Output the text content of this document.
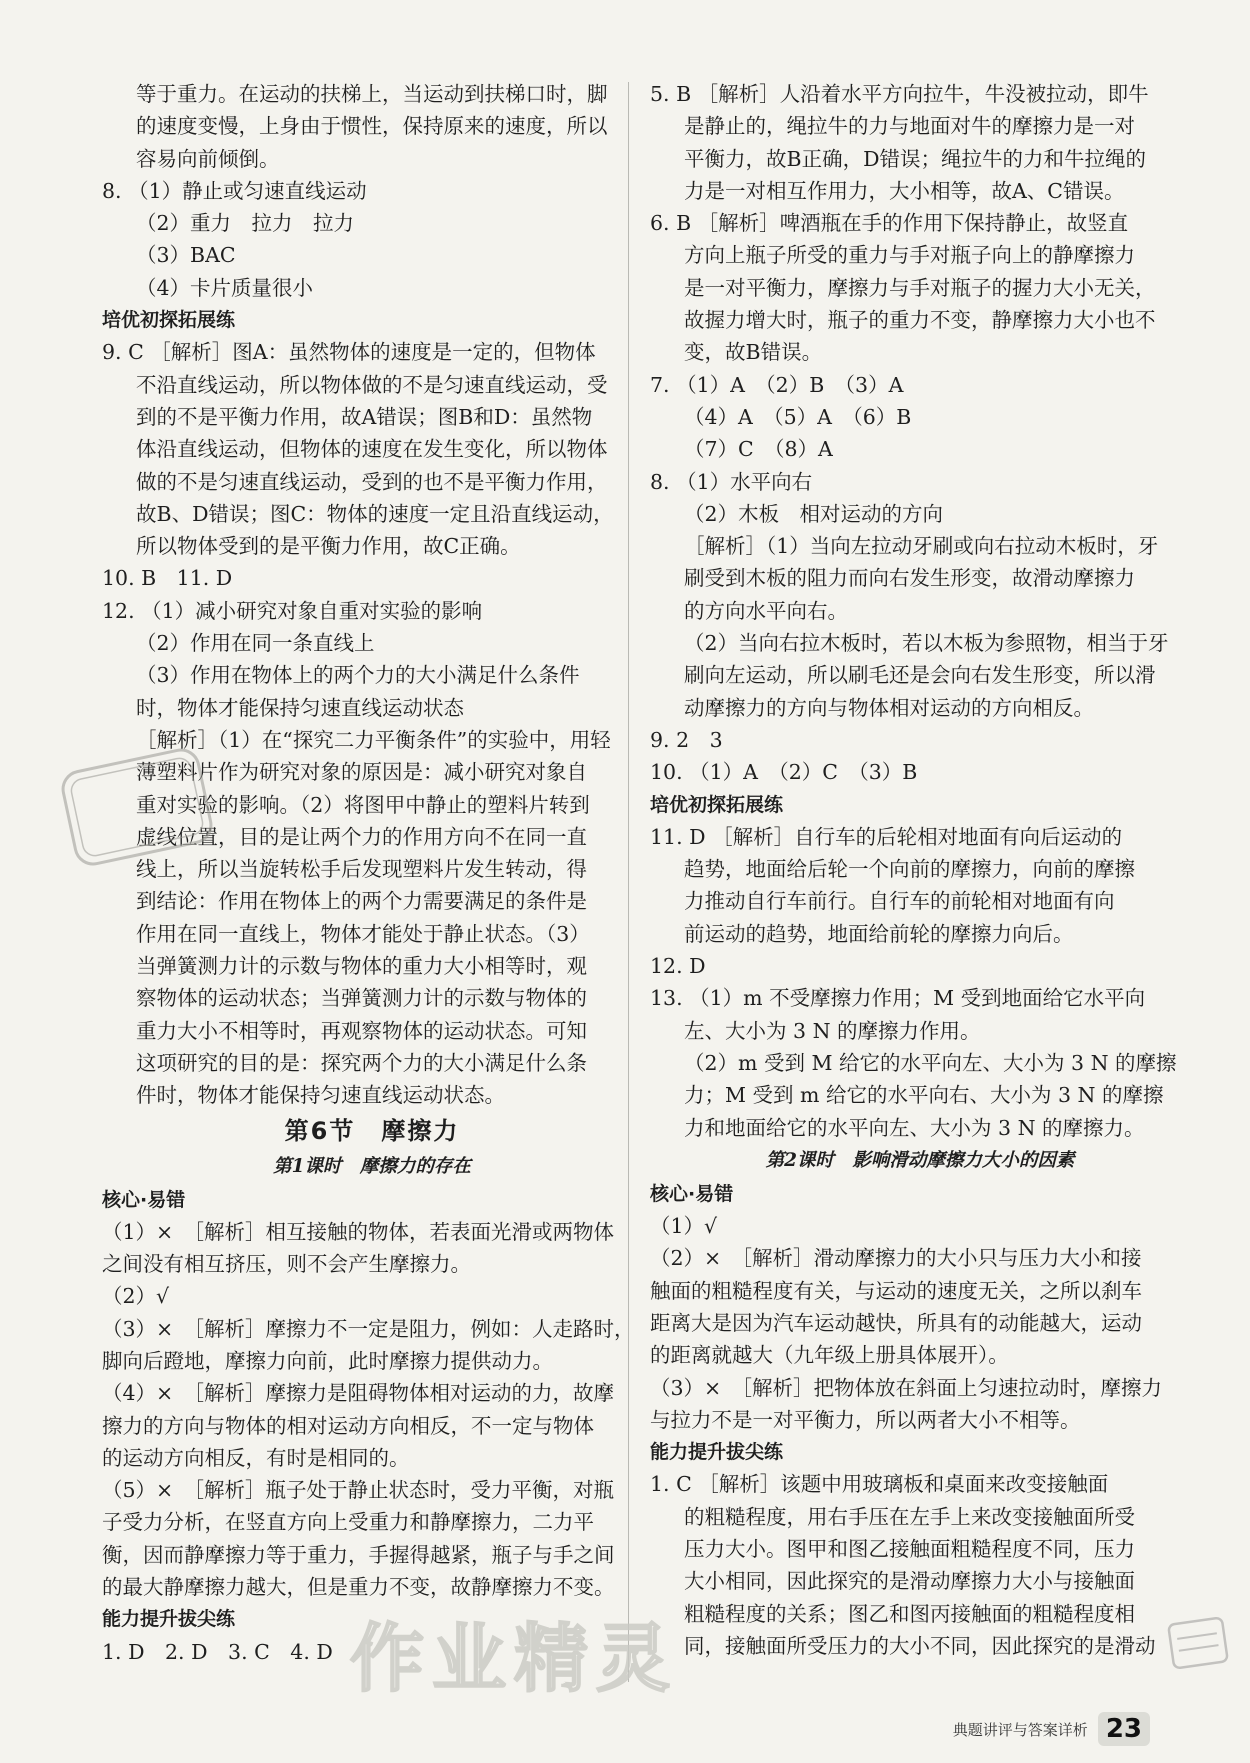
等于重力。在运动的扶梯上，当运动到扶梯口时，脚
的速度变慢，上身由于惯性，保持原来的速度，所以
容易向前倾倒。
8. （1）静止或匀速直线运动
（2）重力　拉力　拉力
（3）BAC
（4）卡片质量很小
培优初探拓展练
9. C ［解析］图A：虽然物体的速度是一定的，但物体
不沿直线运动，所以物体做的不是匀速直线运动，受
到的不是平衡力作用，故A错误；图B和D：虽然物
体沿直线运动，但物体的速度在发生变化，所以物体
做的不是匀速直线运动，受到的也不是平衡力作用，
故B、D错误；图C：物体的速度一定且沿直线运动，
所以物体受到的是平衡力作用，故C正确。
10. B　11. D
12. （1）减小研究对象自重对实验的影响
（2）作用在同一条直线上
（3）作用在物体上的两个力的大小满足什么条件
时，物体才能保持匀速直线运动状态
［解析］（1）在“探究二力平衡条件”的实验中，用轻
薄塑料片作为研究对象的原因是：减小研究对象自
重对实验的影响。（2）将图甲中静止的塑料片转到
虚线位置，目的是让两个力的作用方向不在同一直
线上，所以当旋转松手后发现塑料片发生转动，得
到结论：作用在物体上的两个力需要满足的条件是
作用在同一直线上，物体才能处于静止状态。（3）
当弹簧测力计的示数与物体的重力大小相等时，观
察物体的运动状态；当弹簧测力计的示数与物体的
重力大小不相等时，再观察物体的运动状态。可知
这项研究的目的是：探究两个力的大小满足什么条
件时，物体才能保持匀速直线运动状态。
第6节　摩擦力
第1课时　摩擦力的存在
核心·易错
（1）×　［解析］相互接触的物体，若表面光滑或两物体
之间没有相互挤压，则不会产生摩擦力。
（2）√
（3）×　［解析］摩擦力不一定是阻力，例如：人走路时，
脚向后蹬地，摩擦力向前，此时摩擦力提供动力。
（4）×　［解析］摩擦力是阻碍物体相对运动的力，故摩
擦力的方向与物体的相对运动方向相反，不一定与物体
的运动方向相反，有时是相同的。
（5）×　［解析］瓶子处于静止状态时，受力平衡，对瓶
子受力分析，在竖直方向上受重力和静摩擦力，二力平
衡，因而静摩擦力等于重力，手握得越紧，瓶子与手之间
的最大静摩擦力越大，但是重力不变，故静摩擦力不变。
能力提升拔尖练
1. D　2. D　3. C　4. D
5. B ［解析］人沿着水平方向拉牛，牛没被拉动，即牛
是静止的，绳拉牛的力与地面对牛的摩擦力是一对
平衡力，故B正确，D错误；绳拉牛的力和牛拉绳的
力是一对相互作用力，大小相等，故A、C错误。
6. B ［解析］啤酒瓶在手的作用下保持静止，故竖直
方向上瓶子所受的重力与手对瓶子向上的静摩擦力
是一对平衡力，摩擦力与手对瓶子的握力大小无关，
故握力增大时，瓶子的重力不变，静摩擦力大小也不
变，故B错误。
7. （1）A　（2）B　（3）A
（4）A　（5）A　（6）B
（7）C　（8）A
8. （1）水平向右
（2）木板　相对运动的方向
［解析］（1）当向左拉动牙刷或向右拉动木板时，牙
刷受到木板的阻力而向右发生形变，故滑动摩擦力
的方向水平向右。
（2）当向右拉木板时，若以木板为参照物，相当于牙
刷向左运动，所以刷毛还是会向右发生形变，所以滑
动摩擦力的方向与物体相对运动的方向相反。
9. 2　3
10. （1）A　（2）C　（3）B
培优初探拓展练
11. D ［解析］自行车的后轮相对地面有向后运动的
趋势，地面给后轮一个向前的摩擦力，向前的摩擦
力推动自行车前行。自行车的前轮相对地面有向
前运动的趋势，地面给前轮的摩擦力向后。
12. D
13. （1）m 不受摩擦力作用；M 受到地面给它水平向
左、大小为 3 N 的摩擦力作用。
（2）m 受到 M 给它的水平向左、大小为 3 N 的摩擦
力；M 受到 m 给它的水平向右、大小为 3 N 的摩擦
力和地面给它的水平向左、大小为 3 N 的摩擦力。
第2课时　影响滑动摩擦力大小的因素
核心·易错
（1）√
（2）×　［解析］滑动摩擦力的大小只与压力大小和接
触面的粗糙程度有关，与运动的速度无关，之所以刹车
距离大是因为汽车运动越快，所具有的动能越大，运动
的距离就越大（九年级上册具体展开）。
（3）×　［解析］把物体放在斜面上匀速拉动时，摩擦力
与拉力不是一对平衡力，所以两者大小不相等。
能力提升拔尖练
1. C ［解析］该题中用玻璃板和桌面来改变接触面
的粗糙程度，用右手压在左手上来改变接触面所受
压力大小。图甲和图乙接触面粗糙程度不同，压力
大小相同，因此探究的是滑动摩擦力大小与接触面
粗糙程度的关系；图乙和图丙接触面的粗糙程度相
同，接触面所受压力的大小不同，因此探究的是滑动
作业精灵
典题讲评与答案详析 23
